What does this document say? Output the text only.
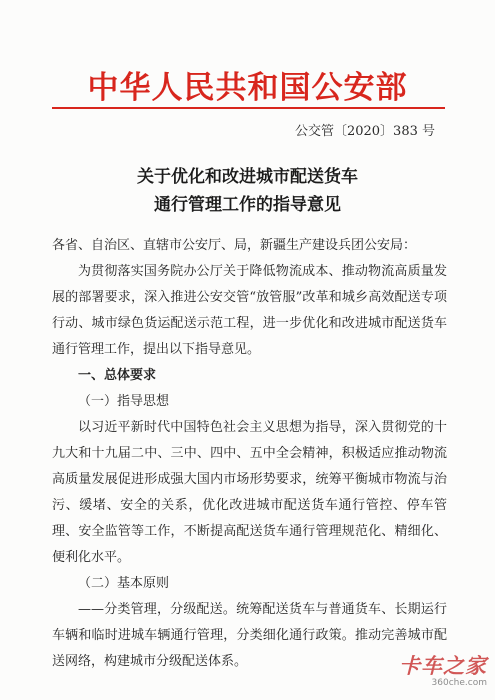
中华人民共和国公安部
公交管〔2020〕383 号
关于优化和改进城市配送货车
通行管理工作的指导意见

各省、自治区、直辖市公安厅、局，新疆生产建设兵团公安局：

为贯彻落实国务院办公厅关于降低物流成本、推动物流高质量发展的部署要求，深入推进公安交管“放管服”改革和城乡高效配送专项行动、城市绿色货运配送示范工程，进一步优化和改进城市配送货车通行管理工作，提出以下指导意见。

一、总体要求

（一）指导思想

以习近平新时代中国特色社会主义思想为指导，深入贯彻党的十九大和十九届二中、三中、四中、五中全会精神，积极适应推动物流高质量发展促进形成强大国内市场形势要求，统筹平衡城市物流与治污、缓堵、安全的关系，优化改进城市配送货车通行管控、停车管理、安全监管等工作，不断提高配送货车通行管理规范化、精细化、便利化水平。

（二）基本原则

——分类管理，分级配送。统筹配送货车与普通货车、长期运行车辆和临时进城车辆通行管理，分类细化通行政策。推动完善城市配送网络，构建城市分级配送体系。	卡车之家
360che.com
